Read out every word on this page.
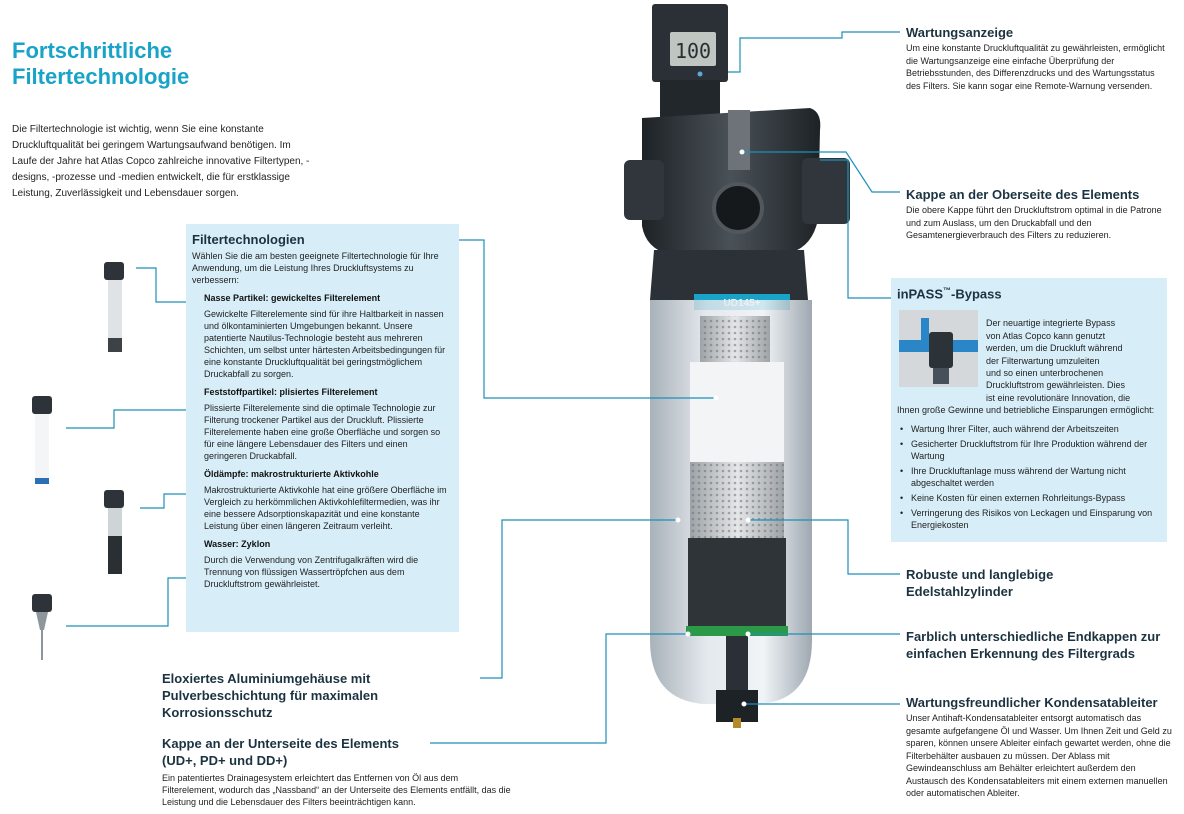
Fortschrittliche
Filtertechnologie
Die Filtertechnologie ist wichtig, wenn Sie eine konstante Druckluftqualität bei geringem Wartungsaufwand benötigen. Im Laufe der Jahre hat Atlas Copco zahlreiche innovative Filtertypen, -designs, -prozesse und -medien entwickelt, die für erstklassige Leistung, Zuverlässigkeit und Lebensdauer sorgen.
100
Filtertechnologien
Wählen Sie die am besten geeignete Filtertechnologie für Ihre Anwendung, um die Leistung Ihres Druckluftsystems zu verbessern:
Nasse Partikel: gewickeltes Filterelement
Gewickelte Filterelemente sind für ihre Haltbarkeit in nassen und ölkontaminierten Umgebungen bekannt. Unsere patentierte Nautilus-Technologie besteht aus mehreren Schichten, um selbst unter härtesten Arbeitsbedingungen für eine konstante Druckluftqualität bei geringstmöglichem Druckabfall zu sorgen.
Feststoffpartikel: plisiertes Filterelement
Plissierte Filterelemente sind die optimale Technologie zur Filterung trockener Partikel aus der Druckluft. Plissierte Filterelemente haben eine große Oberfläche und sorgen so für eine längere Lebensdauer des Filters und einen geringeren Druckabfall.
Öldämpfe: makrostrukturierte Aktivkohle
Makrostrukturierte Aktivkohle hat eine größere Oberfläche im Vergleich zu herkömmlichen Aktivkohlefiltermedien, was ihr eine bessere Adsorptionskapazität und eine konstante Leistung über einen längeren Zeitraum verleiht.
Wasser: Zyklon
Durch die Verwendung von Zentrifugalkräften wird die Trennung von flüssigen Wassertröpfchen aus dem Druckluftstrom gewährleistet.
Wartungsanzeige
Um eine konstante Druckluftqualität zu gewährleisten, ermöglicht die Wartungsanzeige eine einfache Überprüfung der Betriebsstunden, des Differenzdrucks und des Wartungsstatus des Filters. Sie kann sogar eine Remote-Warnung versenden.
Kappe an der Oberseite des Elements
Die obere Kappe führt den Druckluftstrom optimal in die Patrone und zum Auslass, um den Druckabfall und den Gesamtenergieverbrauch des Filters zu reduzieren.
inPASS™-Bypass
Der neuartige integrierte Bypass
von Atlas Copco kann genutzt
werden, um die Druckluft während
der Filterwartung umzuleiten
und so einen unterbrochenen
Druckluftstrom gewährleisten. Dies
ist eine revolutionäre Innovation, die
Ihnen große Gewinne und betriebliche Einsparungen ermöglicht:
• Wartung Ihrer Filter, auch während der Arbeitszeiten
• Gesicherter Druckluftstrom für Ihre Produktion während der Wartung
• Ihre Druckluftanlage muss während der Wartung nicht abgeschaltet werden
• Keine Kosten für einen externen Rohrleitungs-Bypass
• Verringerung des Risikos von Leckagen und Einsparung von Energiekosten
Robuste und langlebige
Edelstahlzylinder
Farblich unterschiedliche Endkappen zur
einfachen Erkennung des Filtergrads
Wartungsfreundlicher Kondensatableiter
Unser Antihaft-Kondensatableiter entsorgt automatisch das gesamte aufgefangene Öl und Wasser. Um Ihnen Zeit und Geld zu sparen, können unsere Ableiter einfach gewartet werden, ohne die Filterbehälter ausbauen zu müssen. Der Ablass mit Gewindeanschluss am Behälter erleichtert außerdem den Austausch des Kondensatableiters mit einem externen manuellen oder automatischen Ableiter.
Eloxiertes Aluminiumgehäuse mit
Pulverbeschichtung für maximalen
Korrosionsschutz
Kappe an der Unterseite des Elements
(UD+, PD+ und DD+)
Ein patentiertes Drainagesystem erleichtert das Entfernen von Öl aus dem Filterelement, wodurch das „Nassband“ an der Unterseite des Elements entfällt, das die Leistung und die Lebensdauer des Filters beeinträchtigen kann.
